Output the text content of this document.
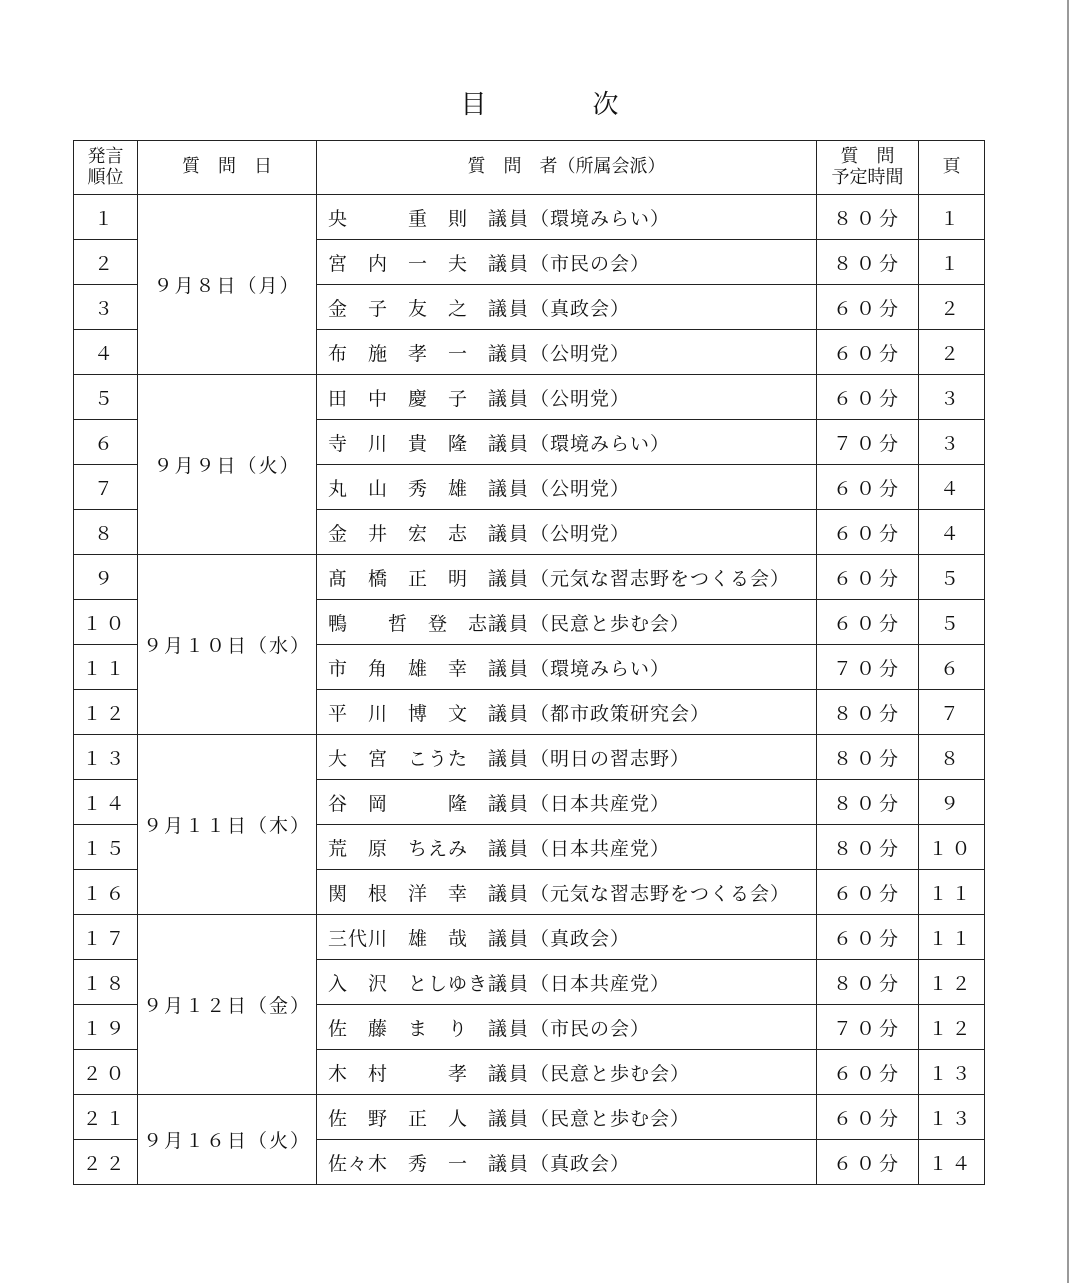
目　次
発言
順位	質　問　日	質　問　者（所属会派）	質　問
予定時間	頁
１	９月８日（月）	央　　　重　則 議員（環境みらい）	８０分	１
２		宮　内　一　夫 議員（市民の会）	８０分	１
３		金　子　友　之 議員（真政会）	６０分	２
４		布　施　孝　一 議員（公明党）	６０分	２
５	９月９日（火）	田　中　慶　子 議員（公明党）	６０分	３
６		寺　川　貴　隆 議員（環境みらい）	７０分	３
７		丸　山　秀　雄 議員（公明党）	６０分	４
８		金　井　宏　志 議員（公明党）	６０分	４
９	９月１０日（水）	髙　橋　正　明 議員（元気な習志野をつくる会）	６０分	５
１０		鴨　　哲　登　志議員（民意と歩む会）	６０分	５
１１		市　角　雄　幸 議員（環境みらい）	７０分	６
１２		平　川　博　文 議員（都市政策研究会）	８０分	７
１３	９月１１日（木）	大　宮　こうた 議員（明日の習志野）	８０分	８
１４		谷　岡　　　隆 議員（日本共産党）	８０分	９
１５		荒　原　ちえみ 議員（日本共産党）	８０分	１０
１６		関　根　洋　幸 議員（元気な習志野をつくる会）	６０分	１１
１７	９月１２日（金）	三代川　雄　哉 議員（真政会）	６０分	１１
１８		入　沢　としゆき議員（日本共産党）	８０分	１２
１９		佐　藤　ま　り 議員（市民の会）	７０分	１２
２０		木　村　　　孝 議員（民意と歩む会）	６０分	１３
２１	９月１６日（火）	佐　野　正　人 議員（民意と歩む会）	６０分	１３
２２		佐々木　秀　一 議員（真政会）	６０分	１４
